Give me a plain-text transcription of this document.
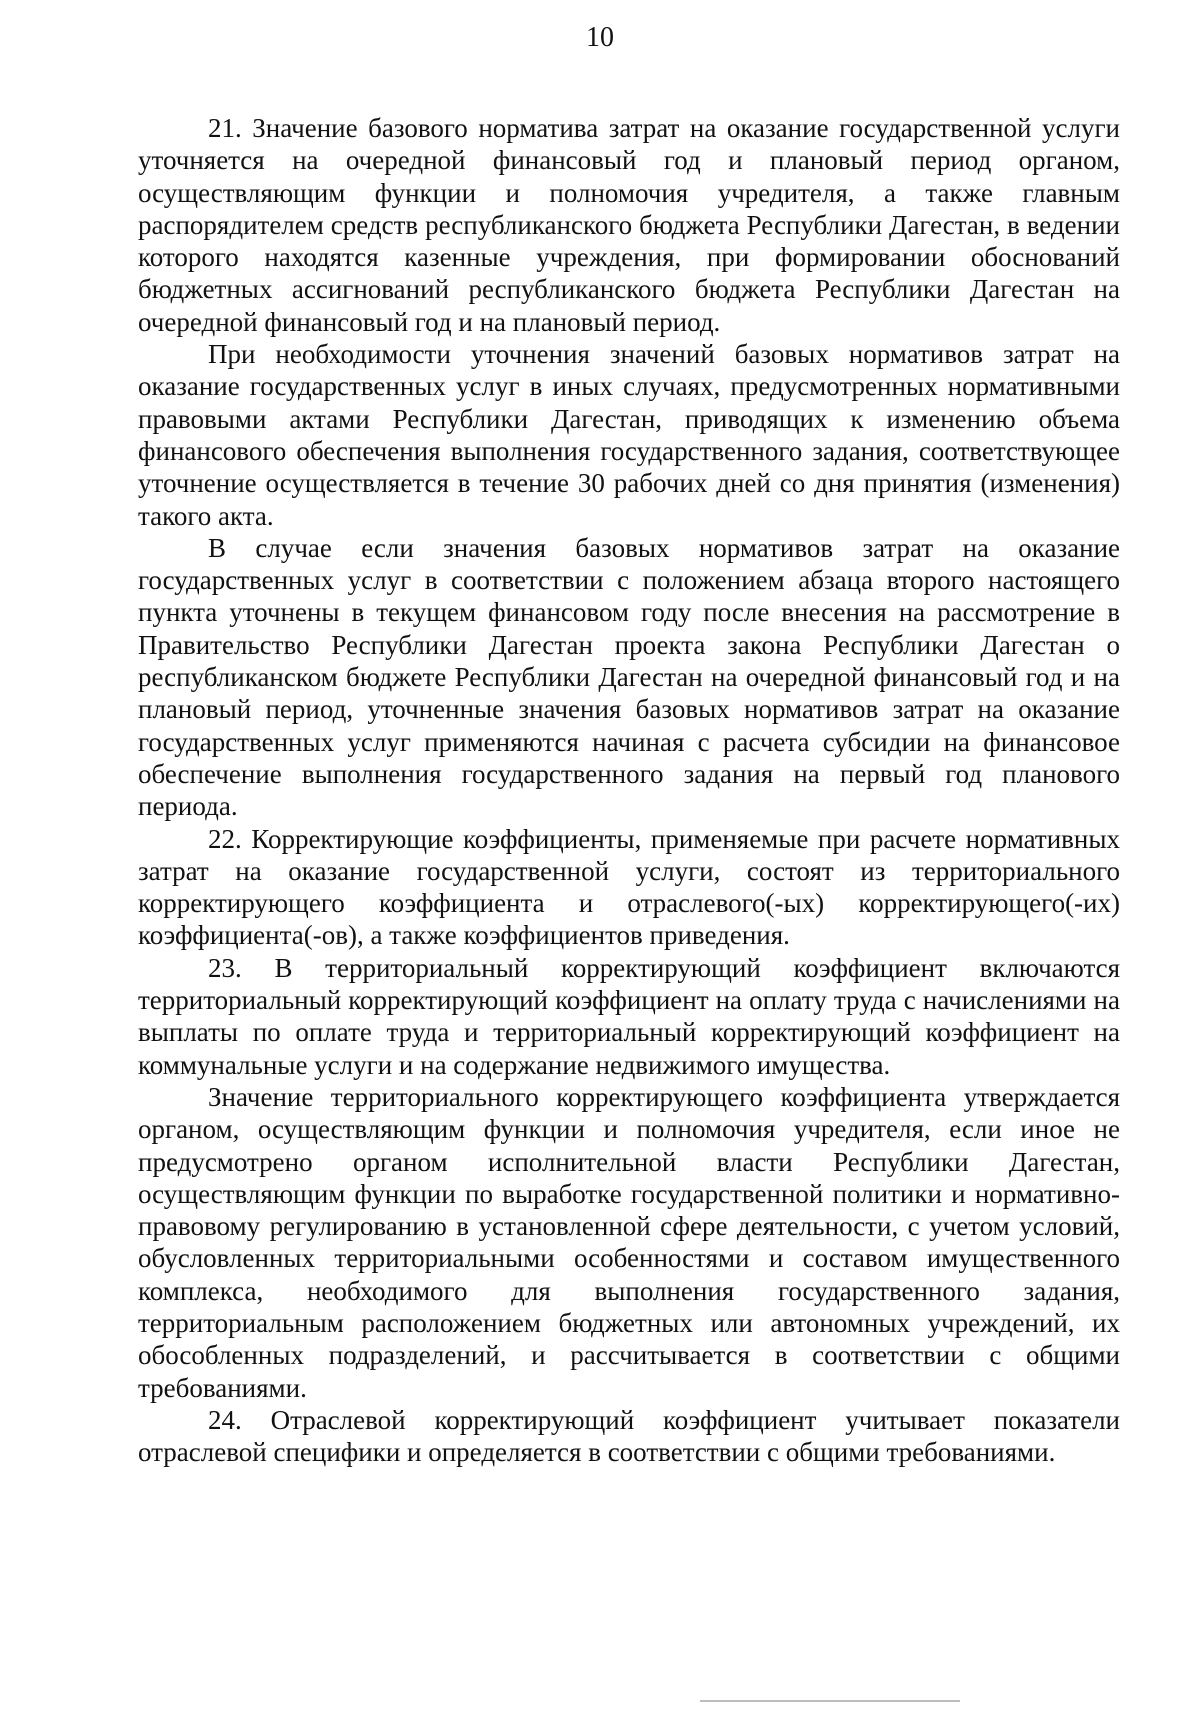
10

21. Значение базового норматива затрат на оказание государственной услуги уточняется на очередной финансовый год и плановый период органом, осуществляющим функции и полномочия учредителя, а также главным распорядителем средств республиканского бюджета Республики Дагестан, в ведении которого находятся казенные учреждения, при формировании обоснований бюджетных ассигнований республиканского бюджета Республики Дагестан на очередной финансовый год и на плановый период.

При необходимости уточнения значений базовых нормативов затрат на оказание государственных услуг в иных случаях, предусмотренных нормативными правовыми актами Республики Дагестан, приводящих к изменению объема финансового обеспечения выполнения государственного задания, соответствующее уточнение осуществляется в течение 30 рабочих дней со дня принятия (изменения) такого акта.

В случае если значения базовых нормативов затрат на оказание государственных услуг в соответствии с положением абзаца второго настоящего пункта уточнены в текущем финансовом году после внесения на рассмотрение в Правительство Республики Дагестан проекта закона Республики Дагестан о республиканском бюджете Республики Дагестан на очередной финансовый год и на плановый период, уточненные значения базовых нормативов затрат на оказание государственных услуг применяются начиная с расчета субсидии на финансовое обеспечение выполнения государственного задания на первый год планового периода.

22. Корректирующие коэффициенты, применяемые при расчете нормативных затрат на оказание государственной услуги, состоят из территориального корректирующего коэффициента и отраслевого(-ых) корректирующего(-их) коэффициента(-ов), а также коэффициентов приведения.

23. В территориальный корректирующий коэффициент включаются территориальный корректирующий коэффициент на оплату труда с начислениями на выплаты по оплате труда и территориальный корректирующий коэффициент на коммунальные услуги и на содержание недвижимого имущества.

Значение территориального корректирующего коэффициента утверждается органом, осуществляющим функции и полномочия учредителя, если иное не предусмотрено органом исполнительной власти Республики Дагестан, осуществляющим функции по выработке государственной политики и нормативно-правовому регулированию в установленной сфере деятельности, с учетом условий, обусловленных территориальными особенностями и составом имущественного комплекса, необходимого для выполнения государственного задания, территориальным расположением бюджетных или автономных учреждений, их обособленных подразделений, и рассчитывается в соответствии с общими требованиями.

24. Отраслевой корректирующий коэффициент учитывает показатели отраслевой специфики и определяется в соответствии с общими требованиями.
